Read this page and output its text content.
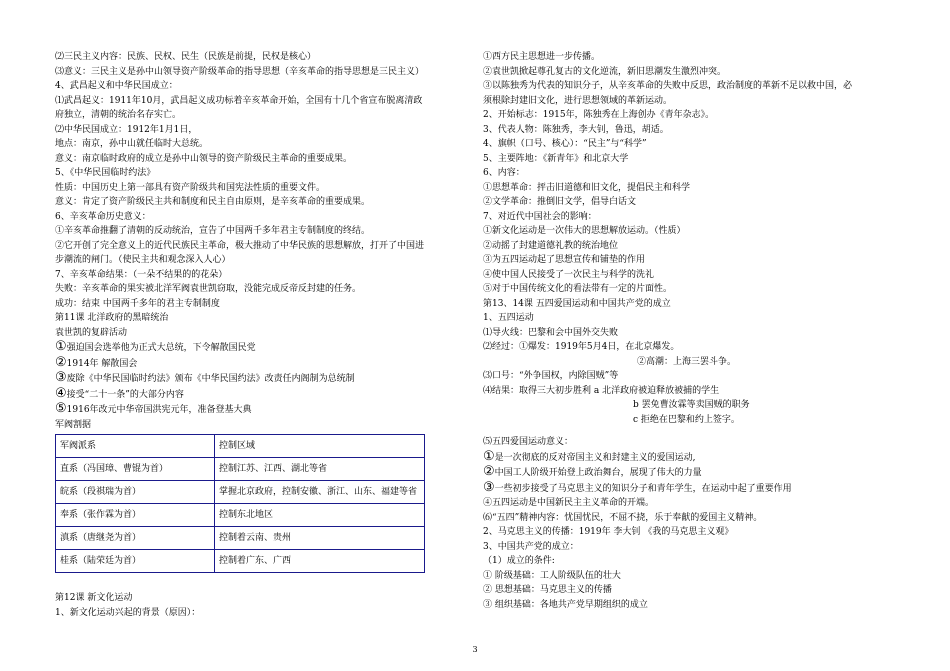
⑵三民主义内容：民族、民权、民生（民族是前提，民权是核心）
⑶意义：三民主义是孙中山领导资产阶级革命的指导思想（辛亥革命的指导思想是三民主义）
4、武昌起义和中华民国成立：
⑴武昌起义：1911年10月，武昌起义成功标着辛亥革命开始，全国有十几个省宣布脱离清政
府独立，清朝的统治名存实亡。
⑵中华民国成立：1912年1月1日，
地点：南京，孙中山就任临时大总统。
意义：南京临时政府的成立是孙中山领导的资产阶级民主革命的重要成果。
5、《中华民国临时约法》
性质：中国历史上第一部具有资产阶级共和国宪法性质的重要文件。
意义：肯定了资产阶级民主共和制度和民主自由原则，是辛亥革命的重要成果。
6、辛亥革命历史意义：
①辛亥革命推翻了清朝的反动统治，宣告了中国两千多年君主专制制度的终结。
②它开创了完全意义上的近代民族民主革命，极大推动了中华民族的思想解放，打开了中国进
步潮流的闸门。（使民主共和观念深入人心）
7、辛亥革命结果：（一朵不结果的的花朵）
失败：辛亥革命的果实被北洋军阀袁世凯窃取，没能完成反帝反封建的任务。
成功：结束 中国两千多年的君主专制制度
第11课 北洋政府的黑暗统治
袁世凯的复辟活动
①强迫国会选举他为正式大总统，下令解散国民党
②1914年 解散国会
③废除《中华民国临时约法》颁布《中华民国约法》改责任内阁制为总统制
④接受“二十一条”的大部分内容
⑤1916年改元中华帝国洪宪元年，准备登基大典
军阀割据
军阀派系	控制区域
直系（冯国璋、曹锟为首）	控制江苏、江西、湖北等省
皖系（段祺瑞为首）	掌握北京政府，控制安徽、浙江、山东、福建等省
奉系（张作霖为首）	控制东北地区
滇系（唐继尧为首）	控制着云南、贵州
桂系（陆荣廷为首）	控制着广东、广西
第12课 新文化运动
1、新文化运动兴起的背景（原因）：
①西方民主思想进一步传播。
②袁世凯掀起尊孔复古的文化逆流，新旧思潮发生激烈冲突。
③以陈独秀为代表的知识分子，从辛亥革命的失败中反思，政治制度的革新不足以救中国，必
须根除封建旧文化，进行思想领域的革新运动。
2、开始标志：1915年，陈独秀在上海创办《青年杂志》。
3、代表人物：陈独秀，李大钊，鲁迅，胡适。
4、旗帜（口号、核心）：“民主”与“科学”
5、主要阵地：《新青年》和北京大学
6、内容：
①思想革命：抨击旧道德和旧文化，提倡民主和科学
②文学革命：推倒旧文学，倡导白话文
7、对近代中国社会的影响：
①新文化运动是一次伟大的思想解放运动。（性质）
②动摇了封建道德礼教的统治地位
③为五四运动起了思想宣传和铺垫的作用
④使中国人民接受了一次民主与科学的洗礼
⑤对于中国传统文化的看法带有一定的片面性。
第13、14课 五四爱国运动和中国共产党的成立
1、五四运动
⑴导火线：巴黎和会中国外交失败
⑵经过：①爆发：1919年5月4日，在北京爆发。
②高潮：上海三罢斗争。
⑶口号：“外争国权，内除国贼”等
⑷结果：取得三大初步胜利 a 北洋政府被迫释放被捕的学生
b 罢免曹汝霖等卖国贼的职务
c 拒绝在巴黎和约上签字。
⑸五四爱国运动意义：
①是一次彻底的反对帝国主义和封建主义的爱国运动,
②中国工人阶级开始登上政治舞台，展现了伟大的力量
③一些初步接受了马克思主义的知识分子和青年学生，在运动中起了重要作用
④五四运动是中国新民主主义革命的开端。
⑹“五四”精神内容：忧国忧民，不屈不挠，乐于奉献的爱国主义精神。
2、马克思主义的传播：1919年 李大钊 《我的马克思主义观》
3、中国共产党的成立：
（1）成立的条件:
① 阶级基础：工人阶级队伍的壮大
② 思想基础：马克思主义的传播
③ 组织基础：各地共产党早期组织的成立
3
